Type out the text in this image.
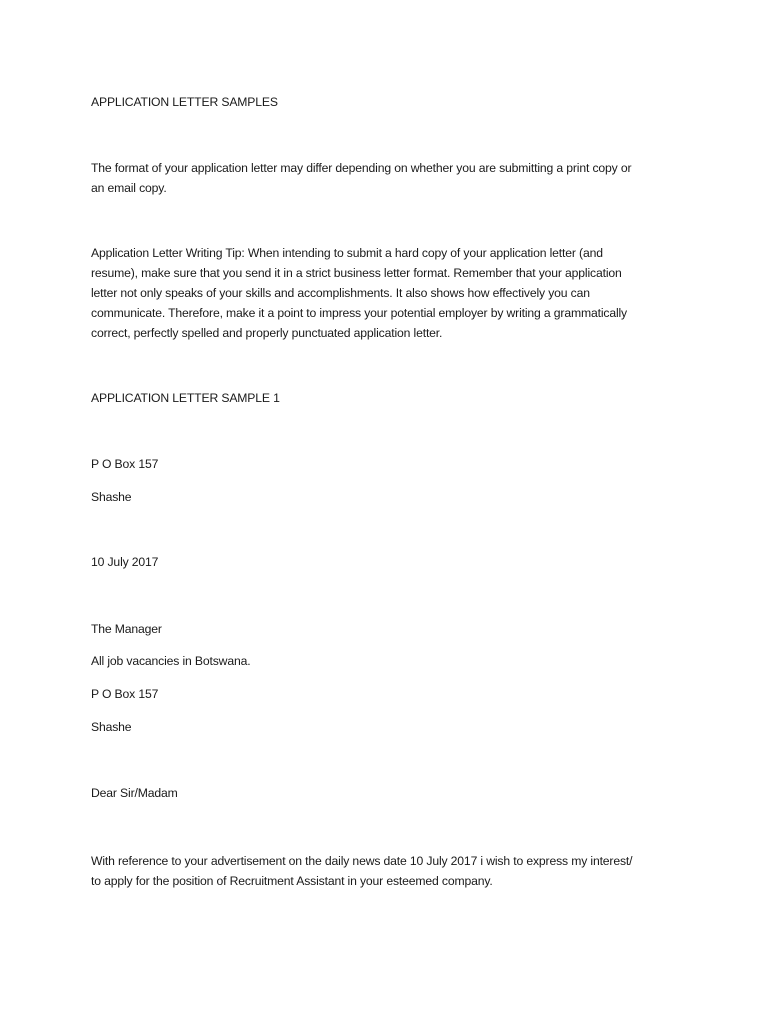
APPLICATION LETTER SAMPLES

The format of your application letter may differ depending on whether you are submitting a print copy or
an email copy.

Application Letter Writing Tip: When intending to submit a hard copy of your application letter (and
resume), make sure that you send it in a strict business letter format. Remember that your application
letter not only speaks of your skills and accomplishments. It also shows how effectively you can
communicate. Therefore, make it a point to impress your potential employer by writing a grammatically
correct, perfectly spelled and properly punctuated application letter.

APPLICATION LETTER SAMPLE 1

P O Box 157

Shashe

10 July 2017

The Manager

All job vacancies in Botswana.

P O Box 157

Shashe

Dear Sir/Madam

With reference to your advertisement on the daily news date 10 July 2017 i wish to express my interest/
to apply for the position of Recruitment Assistant in your esteemed company.
